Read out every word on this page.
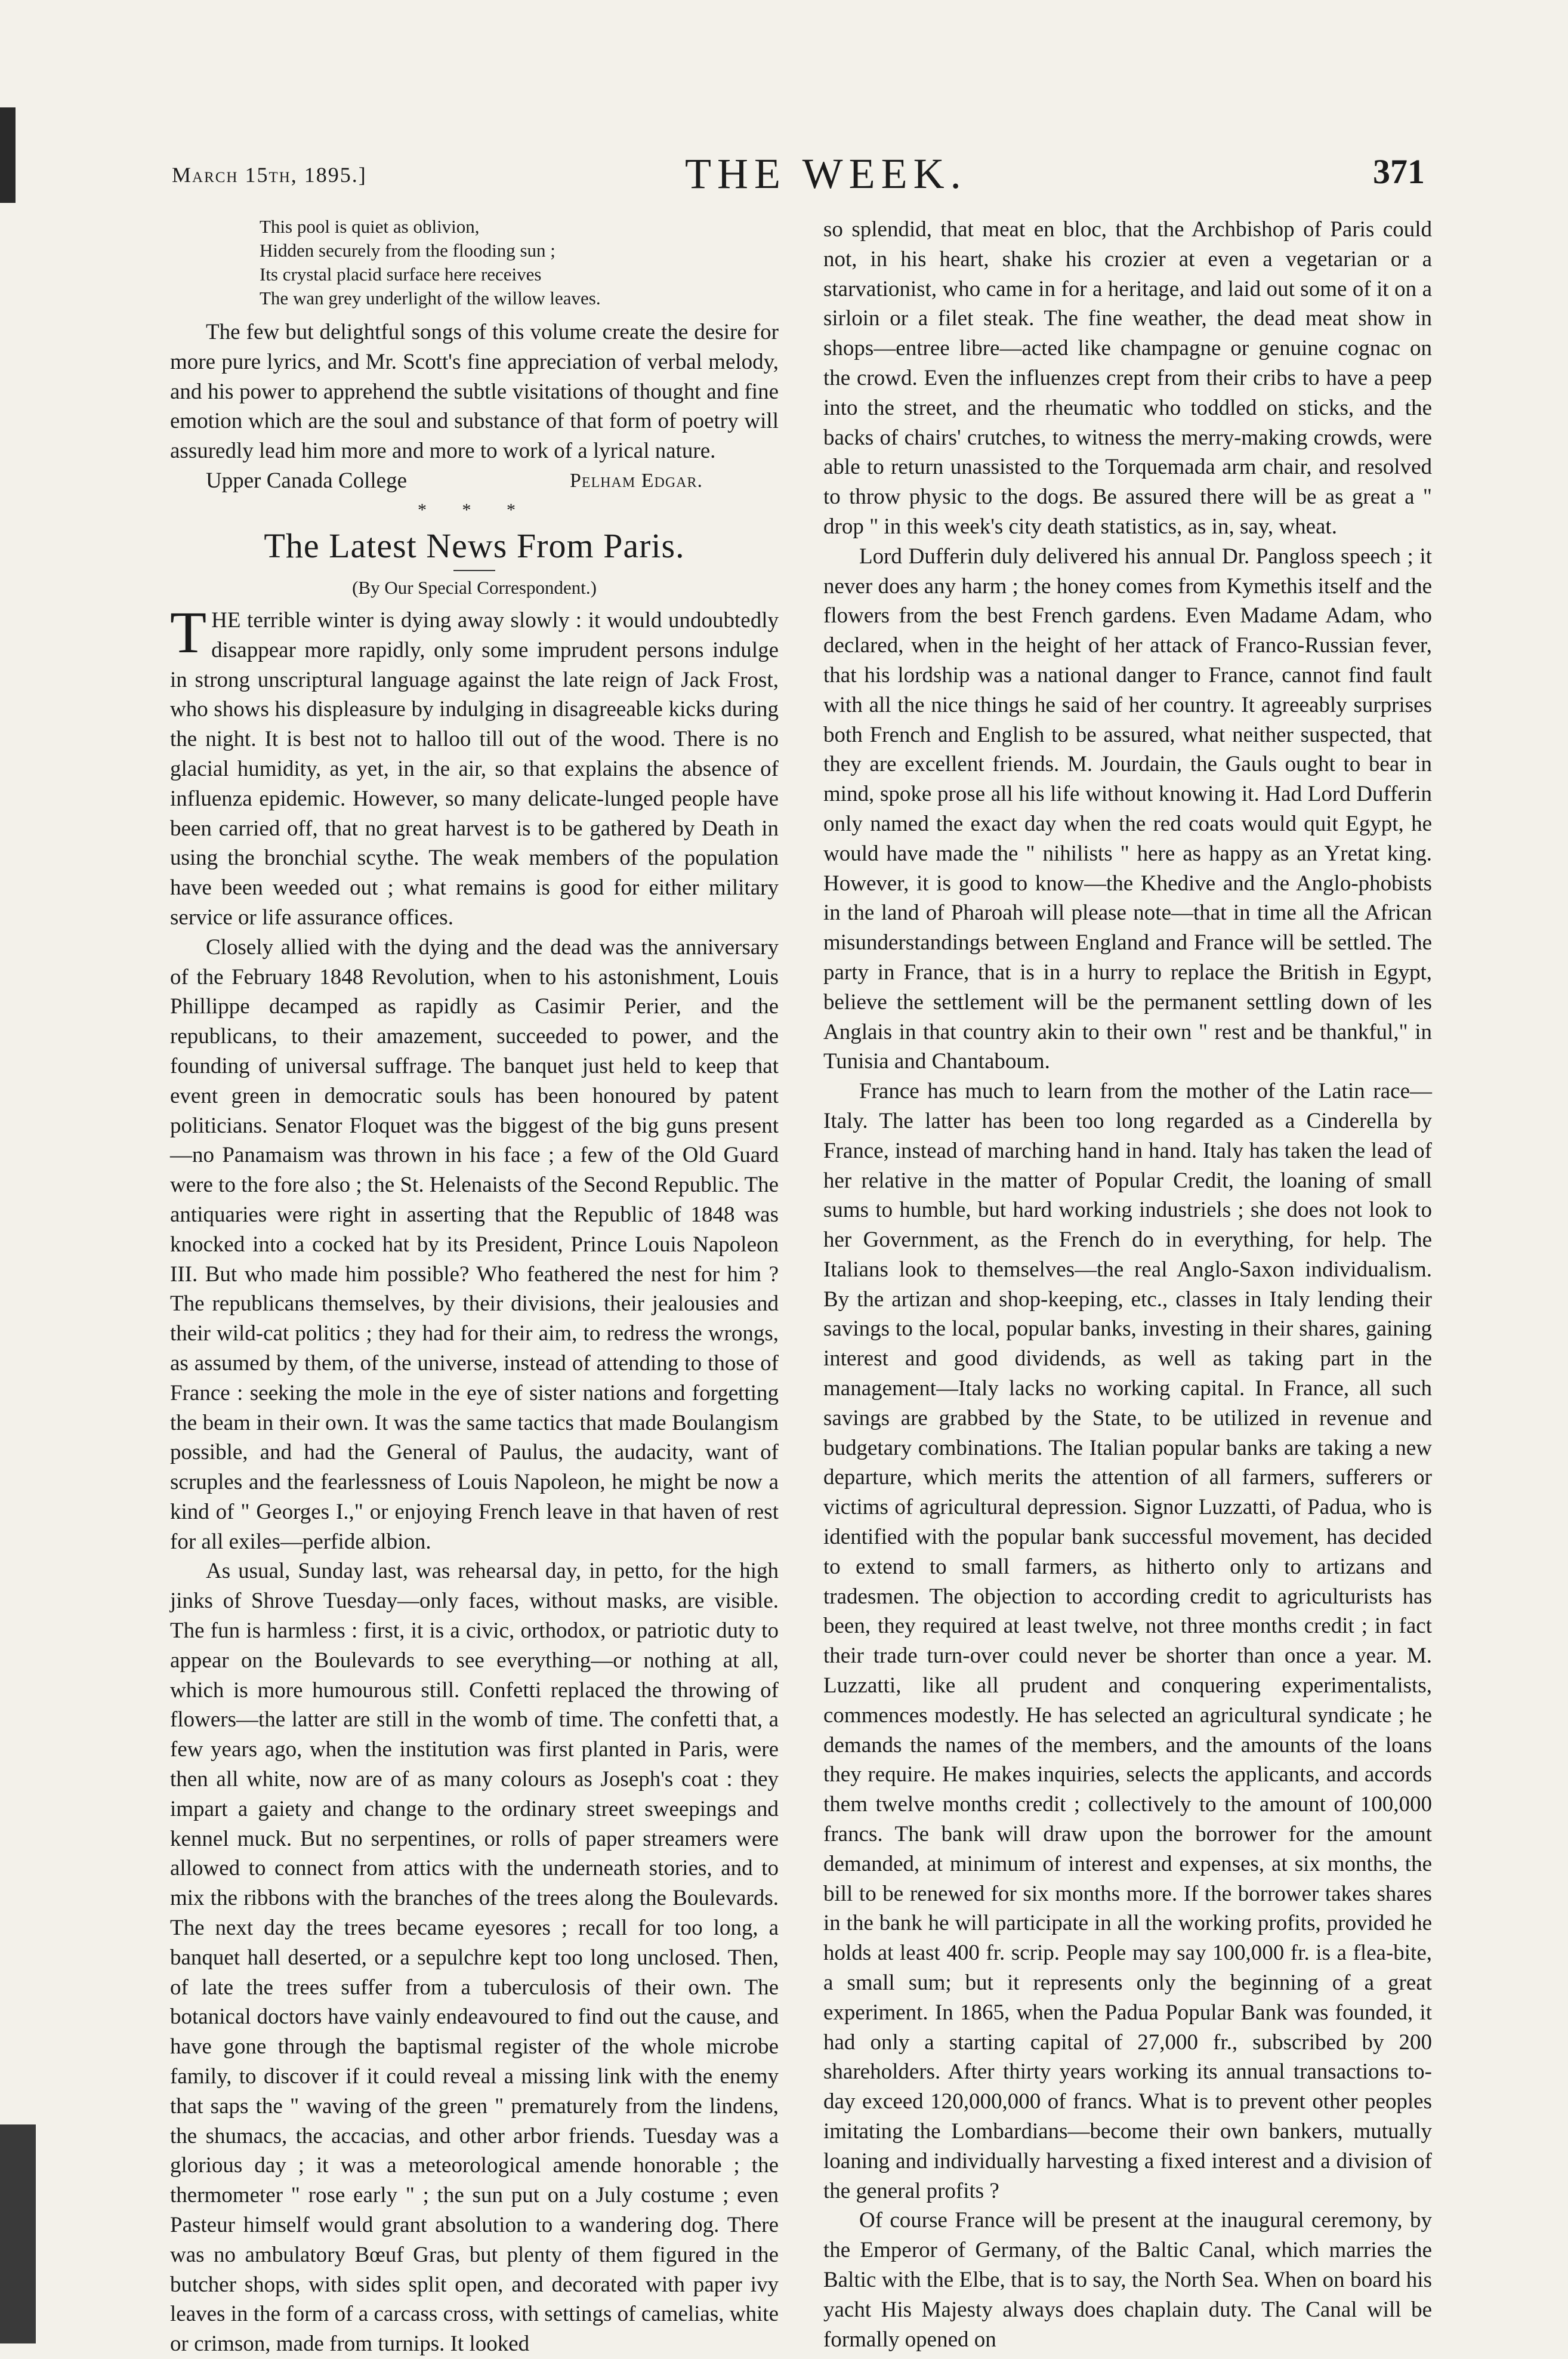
March 15th, 1895.]	THE WEEK.	371
This pool is quiet as oblivion,
Hidden securely from the flooding sun ;
Its crystal placid surface here receives
The wan grey underlight of the willow leaves.

The few but delightful songs of this volume create the desire for more pure lyrics, and Mr. Scott's fine appreciation of verbal melody, and his power to apprehend the subtle visitations of thought and fine emotion which are the soul and substance of that form of poetry will assuredly lead him more and more to work of a lyrical nature.

Upper Canada College	Pelham Edgar.
* * *
The Latest News From Paris.
(By Our Special Correspondent.)

THE terrible winter is dying away slowly : it would undoubtedly disappear more rapidly, only some imprudent persons indulge in strong unscriptural language against the late reign of Jack Frost, who shows his displeasure by indulging in disagreeable kicks during the night. It is best not to halloo till out of the wood. There is no glacial humidity, as yet, in the air, so that explains the absence of influenza epidemic. However, so many delicate-lunged people have been carried off, that no great harvest is to be gathered by Death in using the bronchial scythe. The weak members of the population have been weeded out ; what remains is good for either military service or life assurance offices.

Closely allied with the dying and the dead was the anniversary of the February 1848 Revolution, when to his astonishment, Louis Phillippe decamped as rapidly as Casimir Perier, and the republicans, to their amazement, succeeded to power, and the founding of universal suffrage. The banquet just held to keep that event green in democratic souls has been honoured by patent politicians. Senator Floquet was the biggest of the big guns present—no Panamaism was thrown in his face ; a few of the Old Guard were to the fore also ; the St. Helenaists of the Second Republic. The antiquaries were right in asserting that the Republic of 1848 was knocked into a cocked hat by its President, Prince Louis Napoleon III. But who made him possible? Who feathered the nest for him ? The republicans themselves, by their divisions, their jealousies and their wild-cat politics ; they had for their aim, to redress the wrongs, as assumed by them, of the universe, instead of attending to those of France : seeking the mole in the eye of sister nations and forgetting the beam in their own. It was the same tactics that made Boulangism possible, and had the General of Paulus, the audacity, want of scruples and the fearlessness of Louis Napoleon, he might be now a kind of " Georges I.," or enjoying French leave in that haven of rest for all exiles—perfide albion.

As usual, Sunday last, was rehearsal day, in petto, for the high jinks of Shrove Tuesday—only faces, without masks, are visible. The fun is harmless : first, it is a civic, orthodox, or patriotic duty to appear on the Boulevards to see everything—or nothing at all, which is more humourous still. Confetti replaced the throwing of flowers—the latter are still in the womb of time. The confetti that, a few years ago, when the institution was first planted in Paris, were then all white, now are of as many colours as Joseph's coat : they impart a gaiety and change to the ordinary street sweepings and kennel muck. But no serpentines, or rolls of paper streamers were allowed to connect from attics with the underneath stories, and to mix the ribbons with the branches of the trees along the Boulevards. The next day the trees became eyesores ; recall for too long, a banquet hall deserted, or a sepulchre kept too long unclosed. Then, of late the trees suffer from a tuberculosis of their own. The botanical doctors have vainly endeavoured to find out the cause, and have gone through the baptismal register of the whole microbe family, to discover if it could reveal a missing link with the enemy that saps the " waving of the green " prematurely from the lindens, the shumacs, the accacias, and other arbor friends. Tuesday was a glorious day ; it was a meteorological amende honorable ; the thermometer " rose early " ; the sun put on a July costume ; even Pasteur himself would grant absolution to a wandering dog. There was no ambulatory Bœuf Gras, but plenty of them figured in the butcher shops, with sides split open, and decorated with paper ivy leaves in the form of a carcass cross, with settings of camelias, white or crimson, made from turnips. It looked

so splendid, that meat en bloc, that the Archbishop of Paris could not, in his heart, shake his crozier at even a vegetarian or a starvationist, who came in for a heritage, and laid out some of it on a sirloin or a filet steak. The fine weather, the dead meat show in shops—entree libre—acted like champagne or genuine cognac on the crowd. Even the influenzes crept from their cribs to have a peep into the street, and the rheumatic who toddled on sticks, and the backs of chairs' crutches, to witness the merry-making crowds, were able to return unassisted to the Torquemada arm chair, and resolved to throw physic to the dogs. Be assured there will be as great a " drop " in this week's city death statistics, as in, say, wheat.

Lord Dufferin duly delivered his annual Dr. Pangloss speech ; it never does any harm ; the honey comes from Kymethis itself and the flowers from the best French gardens. Even Madame Adam, who declared, when in the height of her attack of Franco-Russian fever, that his lordship was a national danger to France, cannot find fault with all the nice things he said of her country. It agreeably surprises both French and English to be assured, what neither suspected, that they are excellent friends. M. Jourdain, the Gauls ought to bear in mind, spoke prose all his life without knowing it. Had Lord Dufferin only named the exact day when the red coats would quit Egypt, he would have made the " nihilists " here as happy as an Yretat king. However, it is good to know—the Khedive and the Anglo-phobists in the land of Pharoah will please note—that in time all the African misunderstandings between England and France will be settled. The party in France, that is in a hurry to replace the British in Egypt, believe the settlement will be the permanent settling down of les Anglais in that country akin to their own " rest and be thankful," in Tunisia and Chantaboum.

France has much to learn from the mother of the Latin race—Italy. The latter has been too long regarded as a Cinderella by France, instead of marching hand in hand. Italy has taken the lead of her relative in the matter of Popular Credit, the loaning of small sums to humble, but hard working industriels ; she does not look to her Government, as the French do in everything, for help. The Italians look to themselves—the real Anglo-Saxon individualism. By the artizan and shop-keeping, etc., classes in Italy lending their savings to the local, popular banks, investing in their shares, gaining interest and good dividends, as well as taking part in the management—Italy lacks no working capital. In France, all such savings are grabbed by the State, to be utilized in revenue and budgetary combinations. The Italian popular banks are taking a new departure, which merits the attention of all farmers, sufferers or victims of agricultural depression. Signor Luzzatti, of Padua, who is identified with the popular bank successful movement, has decided to extend to small farmers, as hitherto only to artizans and tradesmen. The objection to according credit to agriculturists has been, they required at least twelve, not three months credit ; in fact their trade turn-over could never be shorter than once a year. M. Luzzatti, like all prudent and conquering experimentalists, commences modestly. He has selected an agricultural syndicate ; he demands the names of the members, and the amounts of the loans they require. He makes inquiries, selects the applicants, and accords them twelve months credit ; collectively to the amount of 100,000 francs. The bank will draw upon the borrower for the amount demanded, at minimum of interest and expenses, at six months, the bill to be renewed for six months more. If the borrower takes shares in the bank he will participate in all the working profits, provided he holds at least 400 fr. scrip. People may say 100,000 fr. is a flea-bite, a small sum; but it represents only the beginning of a great experiment. In 1865, when the Padua Popular Bank was founded, it had only a starting capital of 27,000 fr., subscribed by 200 shareholders. After thirty years working its annual transactions to-day exceed 120,000,000 of francs. What is to prevent other peoples imitating the Lombardians—become their own bankers, mutually loaning and individually harvesting a fixed interest and a division of the general profits ?

Of course France will be present at the inaugural ceremony, by the Emperor of Germany, of the Baltic Canal, which marries the Baltic with the Elbe, that is to say, the North Sea. When on board his yacht His Majesty always does chaplain duty. The Canal will be formally opened on
